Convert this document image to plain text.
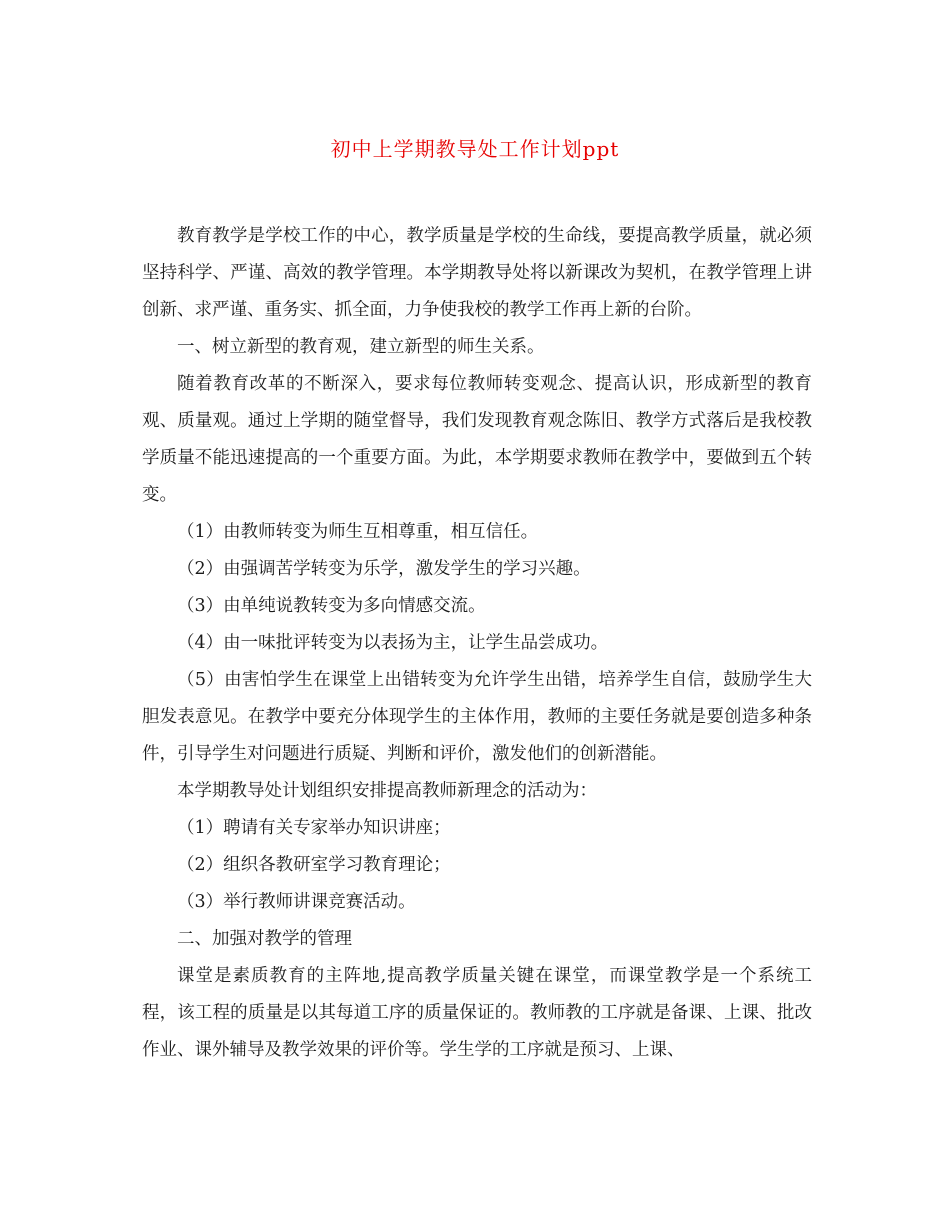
初中上学期教导处工作计划ppt

教育教学是学校工作的中心，教学质量是学校的生命线，要提高教学质量，就必须坚持科学、严谨、高效的教学管理。本学期教导处将以新课改为契机，在教学管理上讲创新、求严谨、重务实、抓全面，力争使我校的教学工作再上新的台阶。

一、树立新型的教育观，建立新型的师生关系。

随着教育改革的不断深入，要求每位教师转变观念、提高认识，形成新型的教育观、质量观。通过上学期的随堂督导，我们发现教育观念陈旧、教学方式落后是我校教学质量不能迅速提高的一个重要方面。为此，本学期要求教师在教学中，要做到五个转变。

（1）由教师转变为师生互相尊重，相互信任。

（2）由强调苦学转变为乐学，激发学生的学习兴趣。

（3）由单纯说教转变为多向情感交流。

（4）由一味批评转变为以表扬为主，让学生品尝成功。

（5）由害怕学生在课堂上出错转变为允许学生出错，培养学生自信，鼓励学生大胆发表意见。在教学中要充分体现学生的主体作用，教师的主要任务就是要创造多种条件，引导学生对问题进行质疑、判断和评价，激发他们的创新潜能。

本学期教导处计划组织安排提高教师新理念的活动为：

（1）聘请有关专家举办知识讲座；

（2）组织各教研室学习教育理论；

（3）举行教师讲课竞赛活动。

二、加强对教学的管理

课堂是素质教育的主阵地,提高教学质量关键在课堂，而课堂教学是一个系统工程，该工程的质量是以其每道工序的质量保证的。教师教的工序就是备课、上课、批改作业、课外辅导及教学效果的评价等。学生学的工序就是预习、上课、
